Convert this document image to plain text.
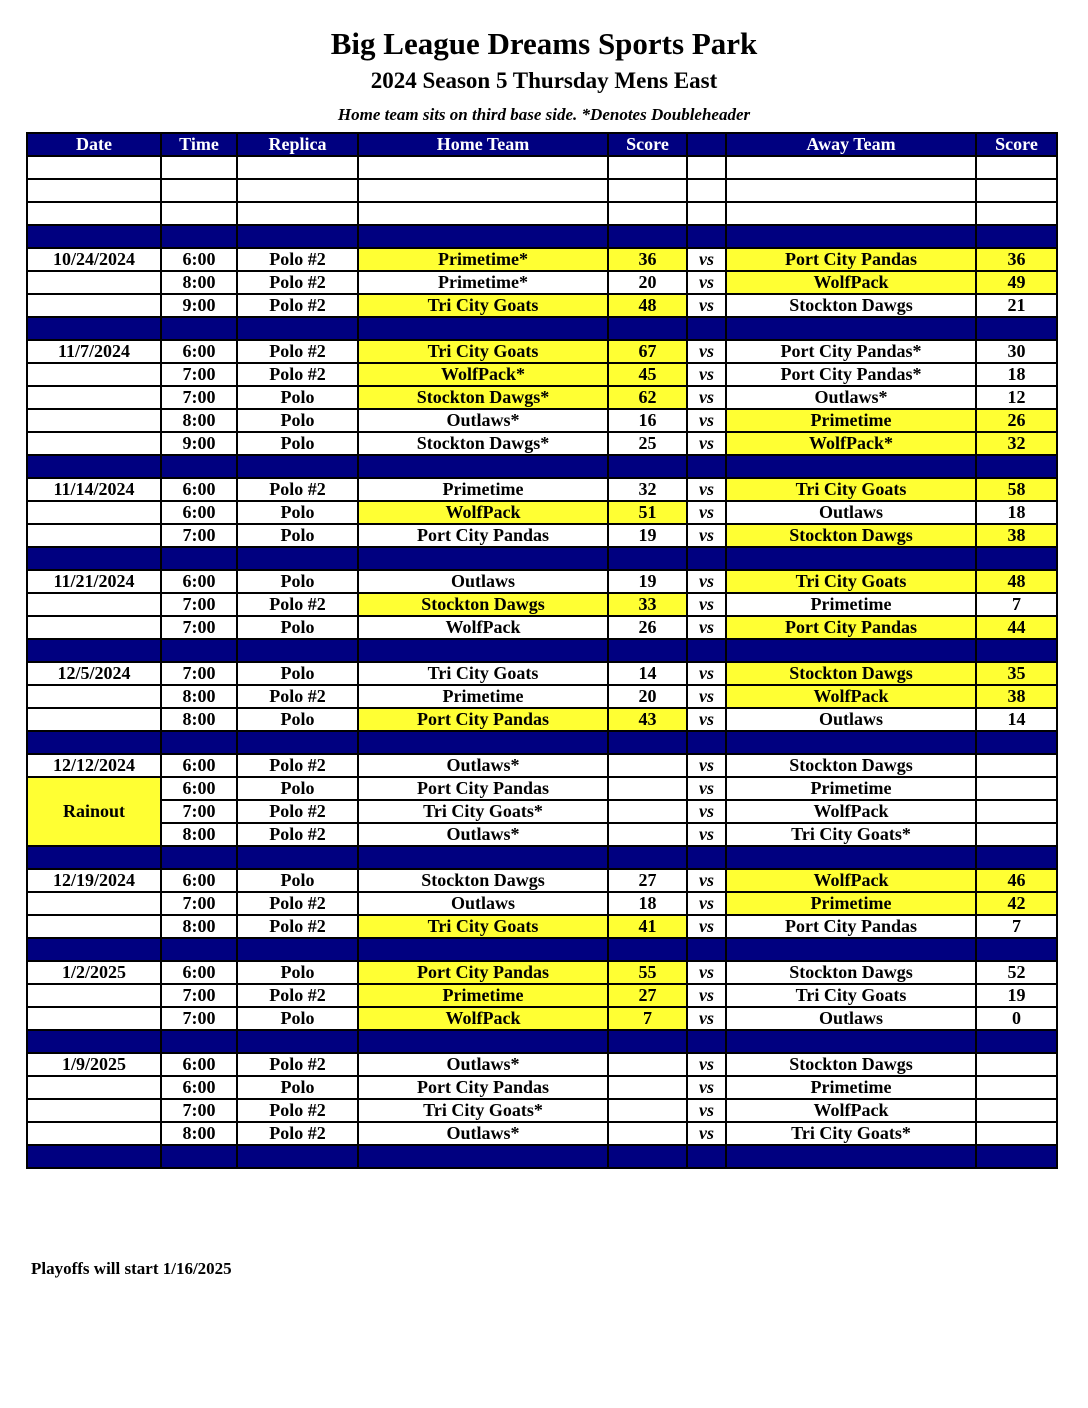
Big League Dreams Sports Park
2024 Season 5 Thursday Mens East
Home team sits on third base side. *Denotes Doubleheader
Date	Time	Replica	Home Team	Score		Away Team	Score

10/24/2024	6:00	Polo #2	Primetime*	36	vs	Port City Pandas	36
	8:00	Polo #2	Primetime*	20	vs	WolfPack	49
	9:00	Polo #2	Tri City Goats	48	vs	Stockton Dawgs	21

11/7/2024	6:00	Polo #2	Tri City Goats	67	vs	Port City Pandas*	30
	7:00	Polo #2	WolfPack*	45	vs	Port City Pandas*	18
	7:00	Polo	Stockton Dawgs*	62	vs	Outlaws*	12
	8:00	Polo	Outlaws*	16	vs	Primetime	26
	9:00	Polo	Stockton Dawgs*	25	vs	WolfPack*	32

11/14/2024	6:00	Polo #2	Primetime	32	vs	Tri City Goats	58
	6:00	Polo	WolfPack	51	vs	Outlaws	18
	7:00	Polo	Port City Pandas	19	vs	Stockton Dawgs	38

11/21/2024	6:00	Polo	Outlaws	19	vs	Tri City Goats	48
	7:00	Polo #2	Stockton Dawgs	33	vs	Primetime	7
	7:00	Polo	WolfPack	26	vs	Port City Pandas	44

12/5/2024	7:00	Polo	Tri City Goats	14	vs	Stockton Dawgs	35
	8:00	Polo #2	Primetime	20	vs	WolfPack	38
	8:00	Polo	Port City Pandas	43	vs	Outlaws	14

12/12/2024	6:00	Polo #2	Outlaws*		vs	Stockton Dawgs	
Rainout	6:00	Polo	Port City Pandas		vs	Primetime	
	7:00	Polo #2	Tri City Goats*		vs	WolfPack	
	8:00	Polo #2	Outlaws*		vs	Tri City Goats*	

12/19/2024	6:00	Polo	Stockton Dawgs	27	vs	WolfPack	46
	7:00	Polo #2	Outlaws	18	vs	Primetime	42
	8:00	Polo #2	Tri City Goats	41	vs	Port City Pandas	7

1/2/2025	6:00	Polo	Port City Pandas	55	vs	Stockton Dawgs	52
	7:00	Polo #2	Primetime	27	vs	Tri City Goats	19
	7:00	Polo	WolfPack	7	vs	Outlaws	0

1/9/2025	6:00	Polo #2	Outlaws*		vs	Stockton Dawgs	
	6:00	Polo	Port City Pandas		vs	Primetime	
	7:00	Polo #2	Tri City Goats*		vs	WolfPack	
	8:00	Polo #2	Outlaws*		vs	Tri City Goats*	

Playoffs will start 1/16/2025
